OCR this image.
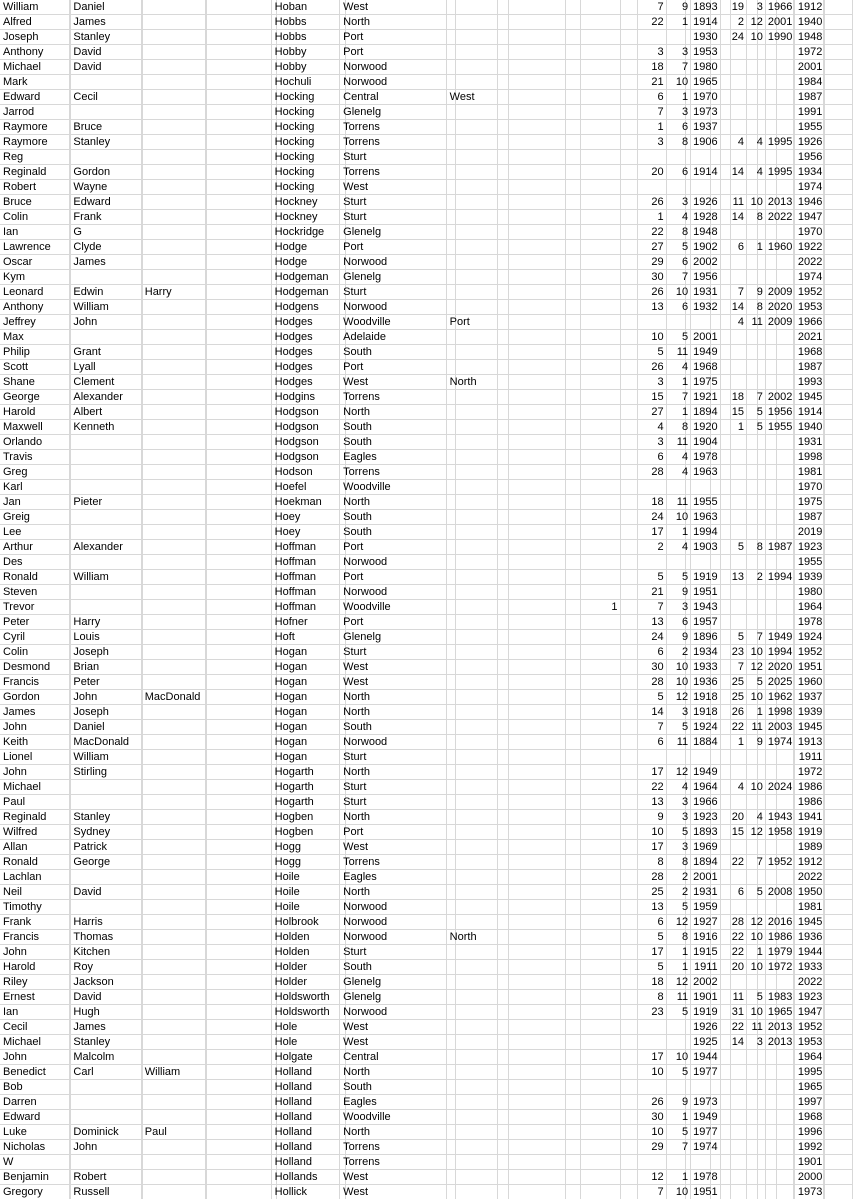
William	Daniel			Hoban	West				7	9	1893	19	3	1966	1912	
Alfred	James			Hobbs	North				22	1	1914	2	12	2001	1940	
Joseph	Stanley			Hobbs	Port						1930	24	10	1990	1948	
Anthony	David			Hobby	Port				3	3	1953				1972	
Michael	David			Hobby	Norwood				18	7	1980				2001	
Mark				Hochuli	Norwood				21	10	1965				1984	
Edward	Cecil			Hocking	Central	West			6	1	1970				1987	
Jarrod				Hocking	Glenelg				7	3	1973				1991	
Raymore	Bruce			Hocking	Torrens				1	6	1937				1955	
Raymore	Stanley			Hocking	Torrens				3	8	1906	4	4	1995	1926	
Reg				Hocking	Sturt										1956	
Reginald	Gordon			Hocking	Torrens				20	6	1914	14	4	1995	1934	
Robert	Wayne			Hocking	West										1974	
Bruce	Edward			Hockney	Sturt				26	3	1926	11	10	2013	1946	
Colin	Frank			Hockney	Sturt				1	4	1928	14	8	2022	1947	
Ian	G			Hockridge	Glenelg				22	8	1948				1970	
Lawrence	Clyde			Hodge	Port				27	5	1902	6	1	1960	1922	
Oscar	James			Hodge	Norwood				29	6	2002				2022	
Kym				Hodgeman	Glenelg				30	7	1956				1974	
Leonard	Edwin	Harry		Hodgeman	Sturt				26	10	1931	7	9	2009	1952	
Anthony	William			Hodgens	Norwood				13	6	1932	14	8	2020	1953	
Jeffrey	John			Hodges	Woodville	Port						4	11	2009	1966	
Max				Hodges	Adelaide				10	5	2001				2021	
Philip	Grant			Hodges	South				5	11	1949				1968	
Scott	Lyall			Hodges	Port				26	4	1968				1987	
Shane	Clement			Hodges	West	North			3	1	1975				1993	
George	Alexander			Hodgins	Torrens				15	7	1921	18	7	2002	1945	
Harold	Albert			Hodgson	North				27	1	1894	15	5	1956	1914	
Maxwell	Kenneth			Hodgson	South				4	8	1920	1	5	1955	1940	
Orlando				Hodgson	South				3	11	1904				1931	
Travis				Hodgson	Eagles				6	4	1978				1998	
Greg				Hodson	Torrens				28	4	1963				1981	
Karl				Hoefel	Woodville										1970	
Jan	Pieter			Hoekman	North				18	11	1955				1975	
Greig				Hoey	South				24	10	1963				1987	
Lee				Hoey	South				17	1	1994				2019	
Arthur	Alexander			Hoffman	Port				2	4	1903	5	8	1987	1923	
Des				Hoffman	Norwood										1955	
Ronald	William			Hoffman	Port				5	5	1919	13	2	1994	1939	
Steven				Hoffman	Norwood				21	9	1951				1980	
Trevor				Hoffman	Woodville			1	7	3	1943				1964	
Peter	Harry			Hofner	Port				13	6	1957				1978	
Cyril	Louis			Hoft	Glenelg				24	9	1896	5	7	1949	1924	
Colin	Joseph			Hogan	Sturt				6	2	1934	23	10	1994	1952	
Desmond	Brian			Hogan	West				30	10	1933	7	12	2020	1951	
Francis	Peter			Hogan	West				28	10	1936	25	5	2025	1960	
Gordon	John	MacDonald		Hogan	North				5	12	1918	25	10	1962	1937	
James	Joseph			Hogan	North				14	3	1918	26	1	1998	1939	
John	Daniel			Hogan	South				7	5	1924	22	11	2003	1945	
Keith	MacDonald			Hogan	Norwood				6	11	1884	1	9	1974	1913	
Lionel	William			Hogan	Sturt										1911	
John	Stirling			Hogarth	North				17	12	1949				1972	
Michael				Hogarth	Sturt				22	4	1964	4	10	2024	1986	
Paul				Hogarth	Sturt				13	3	1966				1986	
Reginald	Stanley			Hogben	North				9	3	1923	20	4	1943	1941	
Wilfred	Sydney			Hogben	Port				10	5	1893	15	12	1958	1919	
Allan	Patrick			Hogg	West				17	3	1969				1989	
Ronald	George			Hogg	Torrens				8	8	1894	22	7	1952	1912	
Lachlan				Hoile	Eagles				28	2	2001				2022	
Neil	David			Hoile	North				25	2	1931	6	5	2008	1950	
Timothy				Hoile	Norwood				13	5	1959				1981	
Frank	Harris			Holbrook	Norwood				6	12	1927	28	12	2016	1945	
Francis	Thomas			Holden	Norwood	North			5	8	1916	22	10	1986	1936	
John	Kitchen			Holden	Sturt				17	1	1915	22	1	1979	1944	
Harold	Roy			Holder	South				5	1	1911	20	10	1972	1933	
Riley	Jackson			Holder	Glenelg				18	12	2002				2022	
Ernest	David			Holdsworth	Glenelg				8	11	1901	11	5	1983	1923	
Ian	Hugh			Holdsworth	Norwood				23	5	1919	31	10	1965	1947	
Cecil	James			Hole	West						1926	22	11	2013	1952	
Michael	Stanley			Hole	West						1925	14	3	2013	1953	
John	Malcolm			Holgate	Central				17	10	1944				1964	
Benedict	Carl	William		Holland	North				10	5	1977				1995	
Bob				Holland	South										1965	
Darren				Holland	Eagles				26	9	1973				1997	
Edward				Holland	Woodville				30	1	1949				1968	
Luke	Dominick	Paul		Holland	North				10	5	1977				1996	
Nicholas	John			Holland	Torrens				29	7	1974				1992	
W				Holland	Torrens										1901	
Benjamin	Robert			Hollands	West				12	1	1978				2000	
Gregory	Russell			Hollick	West				7	10	1951				1973	
